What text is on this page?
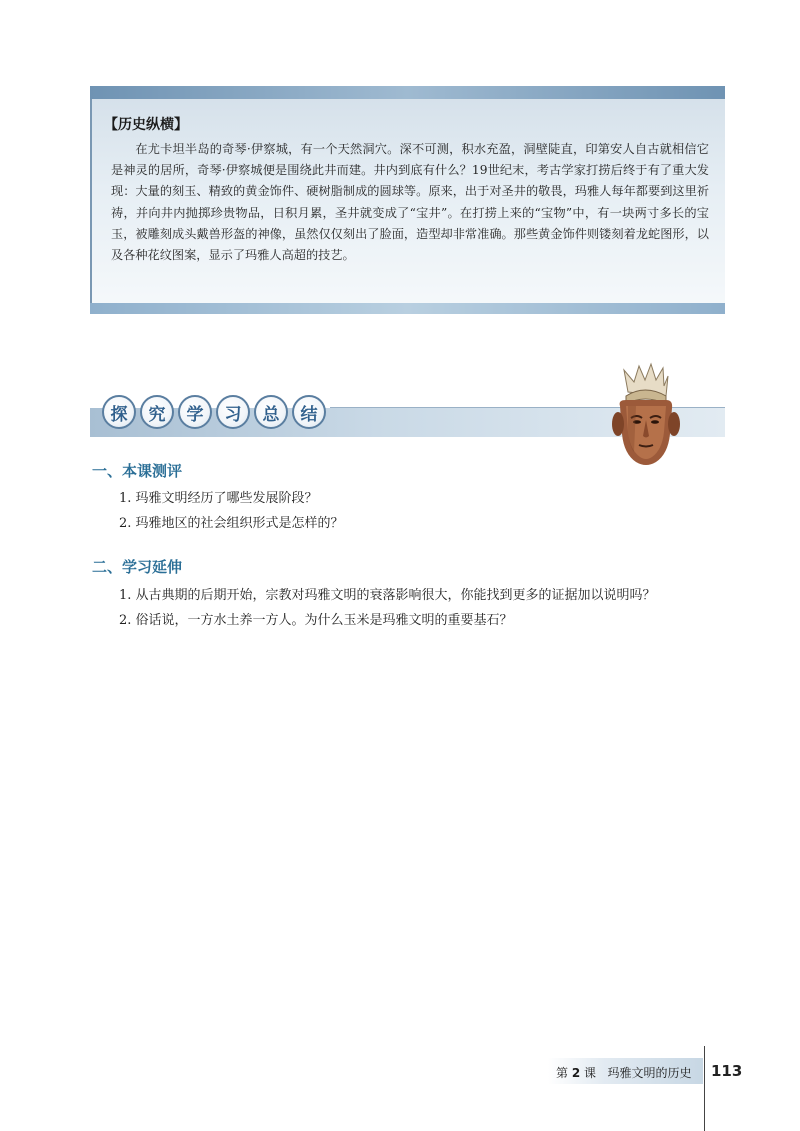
【历史纵横】

在尤卡坦半岛的奇琴·伊察城，有一个天然洞穴。深不可测，积水充盈，洞壁陡直，印第安人自古就相信它是神灵的居所，奇琴·伊察城便是围绕此井而建。井内到底有什么？19世纪末，考古学家打捞后终于有了重大发现：大量的刻玉、精致的黄金饰件、硬树脂制成的圆球等。原来，出于对圣井的敬畏，玛雅人每年都要到这里祈祷，并向井内抛掷珍贵物品，日积月累，圣井就变成了“宝井”。在打捞上来的“宝物”中，有一块两寸多长的宝玉，被雕刻成头戴兽形盔的神像，虽然仅仅刻出了脸面，造型却非常准确。那些黄金饰件则镂刻着龙蛇图形，以及各种花纹图案，显示了玛雅人高超的技艺。

探	究	学	习	总	结
一、本课测评

1. 玛雅文明经历了哪些发展阶段？

2. 玛雅地区的社会组织形式是怎样的？

二、学习延伸

1. 从古典期的后期开始，宗教对玛雅文明的衰落影响很大，你能找到更多的证据加以说明吗？

2. 俗话说，一方水土养一方人。为什么玉米是玛雅文明的重要基石？

第 2 课 玛雅文明的历史 113
